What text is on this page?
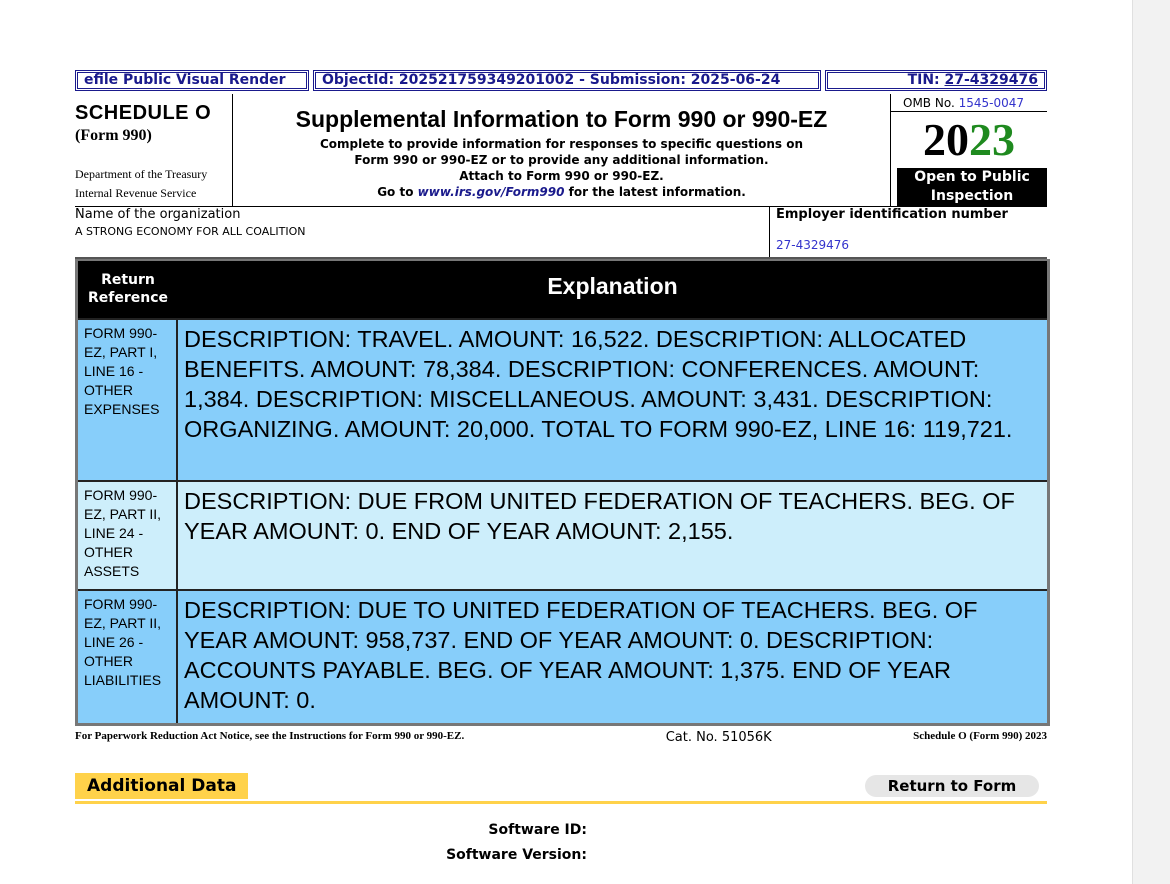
efile Public Visual Render	ObjectId: 202521759349201002 - Submission: 2025-06-24	TIN: 27-4329476
SCHEDULE O
(Form 990)
Department of the Treasury
Internal Revenue Service
Supplemental Information to Form 990 or 990-EZ
Complete to provide information for responses to specific questions on
Form 990 or 990-EZ or to provide any additional information.
Attach to Form 990 or 990-EZ.
Go to www.irs.gov/Form990 for the latest information.
OMB No. 1545-0047
2023
Open to Public
Inspection
Name of the organization
A STRONG ECONOMY FOR ALL COALITION
Employer identification number
27-4329476
Return
Reference	Explanation
FORM 990-EZ, PART I, LINE 16 - OTHER EXPENSES
DESCRIPTION: TRAVEL. AMOUNT: 16,522. DESCRIPTION: ALLOCATED BENEFITS. AMOUNT: 78,384. DESCRIPTION: CONFERENCES. AMOUNT: 1,384. DESCRIPTION: MISCELLANEOUS. AMOUNT: 3,431. DESCRIPTION: ORGANIZING. AMOUNT: 20,000. TOTAL TO FORM 990-EZ, LINE 16: 119,721.
FORM 990-EZ, PART II, LINE 24 - OTHER ASSETS
DESCRIPTION: DUE FROM UNITED FEDERATION OF TEACHERS. BEG. OF YEAR AMOUNT: 0. END OF YEAR AMOUNT: 2,155.
FORM 990-EZ, PART II, LINE 26 - OTHER LIABILITIES
DESCRIPTION: DUE TO UNITED FEDERATION OF TEACHERS. BEG. OF YEAR AMOUNT: 958,737. END OF YEAR AMOUNT: 0. DESCRIPTION: ACCOUNTS PAYABLE. BEG. OF YEAR AMOUNT: 1,375. END OF YEAR AMOUNT: 0.
For Paperwork Reduction Act Notice, see the Instructions for Form 990 or 990-EZ.	Cat. No. 51056K	Schedule O (Form 990) 2023
Additional Data	Return to Form
Software ID:
Software Version:
